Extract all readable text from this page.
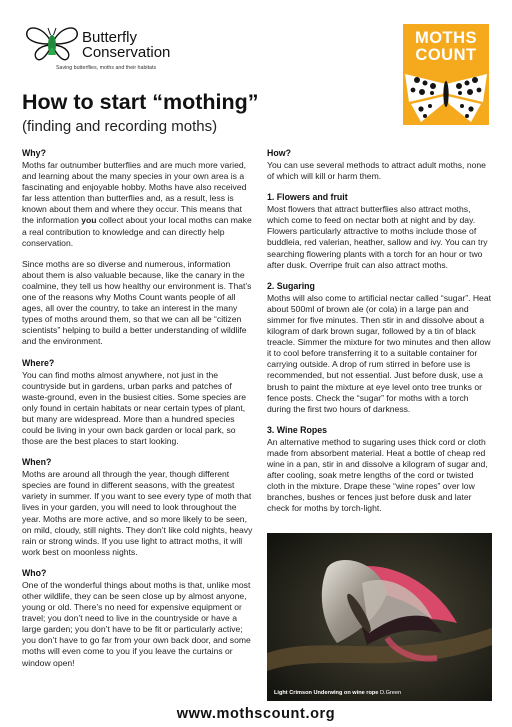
Butterfly
Conservation
Saving butterflies, moths and their habitats
MOTHS
COUNT
How to start “mothing”
(finding and recording moths)
Why?

Moths far outnumber butterflies and are much more varied, and learning about the many species in your own area is a fascinating and enjoyable hobby. Moths have also received far less attention than butterflies and, as a result, less is known about them and where they occur. This means that the information you collect about your local moths can make a real contribution to knowledge and can directly help conservation.

Since moths are so diverse and numerous, information about them is also valuable because, like the canary in the coalmine, they tell us how healthy our environment is. That’s one of the reasons why Moths Count wants people of all ages, all over the country, to take an interest in the many types of moths around them, so that we can all be “citizen scientists” helping to build a better understanding of wildlife and the environment.

Where?

You can find moths almost anywhere, not just in the countryside but in gardens, urban parks and patches of waste-ground, even in the busiest cities. Some species are only found in certain habitats or near certain types of plant, but many are widespread. More than a hundred species could be living in your own back garden or local park, so those are the best places to start looking.

When?

Moths are around all through the year, though different species are found in different seasons, with the greatest variety in summer. If you want to see every type of moth that lives in your garden, you will need to look throughout the year. Moths are more active, and so more likely to be seen, on mild, cloudy, still nights. They don’t like cold nights, heavy rain or strong winds. If you use light to attract moths, it will work best on moonless nights.

Who?

One of the wonderful things about moths is that, unlike most other wildlife, they can be seen close up by almost anyone, young or old. There’s no need for expensive equipment or travel; you don’t need to live in the countryside or have a large garden; you don’t have to be fit or particularly active; you don’t have to go far from your own back door, and some moths will even come to you if you leave the curtains or window open!

How?

You can use several methods to attract adult moths, none of which will kill or harm them.

1. Flowers and fruit

Most flowers that attract butterflies also attract moths, which come to feed on nectar both at night and by day. Flowers particularly attractive to moths include those of buddleia, red valerian, heather, sallow and ivy. You can try searching flowering plants with a torch for an hour or two after dusk. Overripe fruit can also attract moths.

2. Sugaring

Moths will also come to artificial nectar called “sugar”. Heat about 500ml of brown ale (or cola) in a large pan and simmer for five minutes. Then stir in and dissolve about a kilogram of dark brown sugar, followed by a tin of black treacle. Simmer the mixture for two minutes and then allow it to cool before transferring it to a suitable container for carrying outside. A drop of rum stirred in before use is recommended, but not essential. Just before dusk, use a brush to paint the mixture at eye level onto tree trunks or fence posts. Check the “sugar” for moths with a torch during the first two hours of darkness.

3. Wine Ropes

An alternative method to sugaring uses thick cord or cloth made from absorbent material. Heat a bottle of cheap red wine in a pan, stir in and dissolve a kilogram of sugar and, after cooling, soak metre lengths of the cord or twisted cloth in the mixture. Drape these “wine ropes” over low branches, bushes or fences just before dusk and later check for moths by torch-light.

Light Crimson Underwing on wine rope D.Green
www.mothscount.org
